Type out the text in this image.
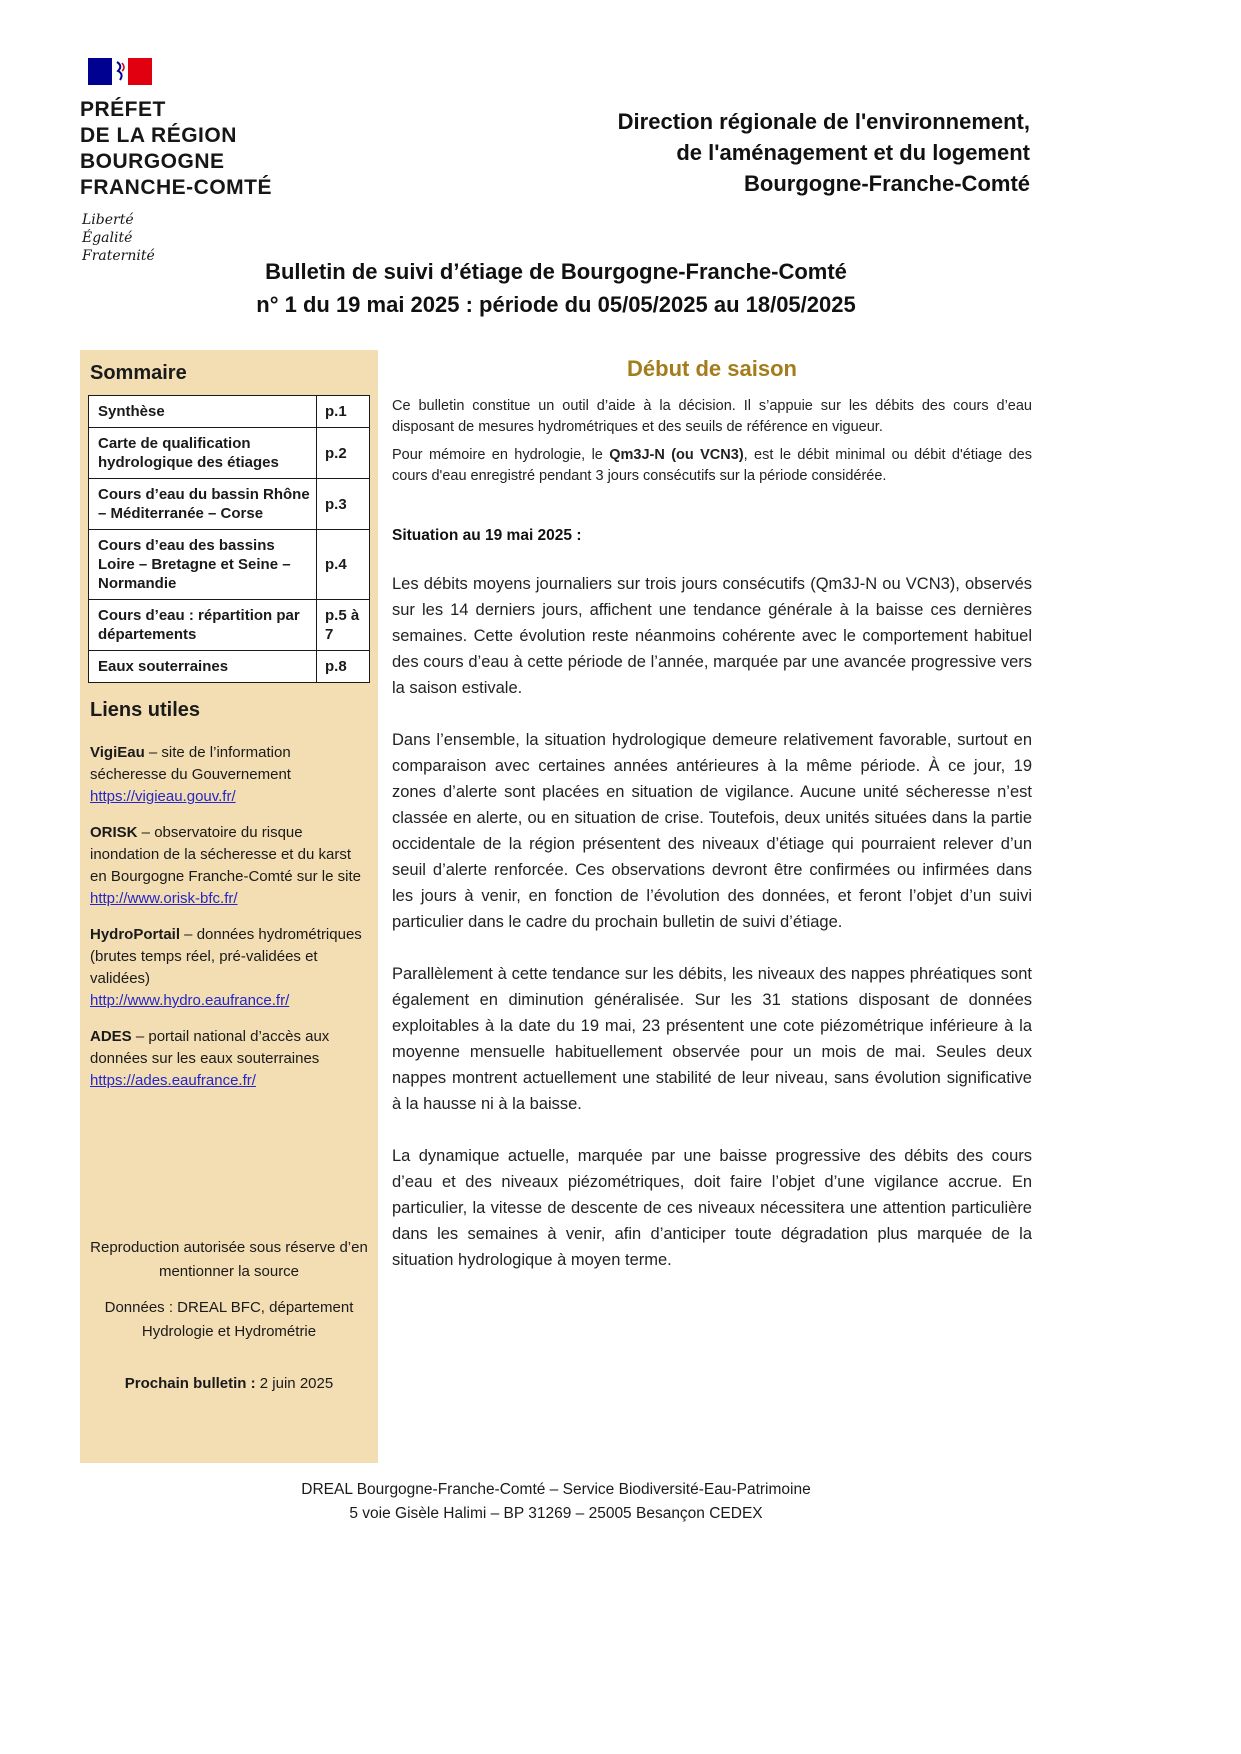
PRÉFET
DE LA RÉGION
BOURGOGNE
FRANCHE-COMTÉ
Liberté
Égalité
Fraternité
Direction régionale de l'environnement,
de l'aménagement et du logement
Bourgogne-Franche-Comté
Bulletin de suivi d’étiage de Bourgogne-Franche-Comté
n° 1 du 19 mai 2025 : période du 05/05/2025 au 18/05/2025
Sommaire
Synthèse	p.1
Carte de qualification hydrologique des étiages	p.2
Cours d’eau du bassin Rhône – Méditerranée – Corse	p.3
Cours d’eau des bassins Loire – Bretagne et Seine – Normandie	p.4
Cours d’eau : répartition par départements	p.5 à 7
Eaux souterraines	p.8
Liens utiles
VigiEau – site de l’information sécheresse du Gouvernement
https://vigieau.gouv.fr/
ORISK – observatoire du risque inondation de la sécheresse et du karst en Bourgogne Franche-Comté sur le site
http://www.orisk-bfc.fr/
HydroPortail – données hydrométriques (brutes temps réel, pré-validées et validées)
http://www.hydro.eaufrance.fr/
ADES – portail national d’accès aux données sur les eaux souterraines
https://ades.eaufrance.fr/
Reproduction autorisée sous réserve d’en mentionner la source
Données : DREAL BFC, département Hydrologie et Hydrométrie
Prochain bulletin : 2 juin 2025
Début de saison

Ce bulletin constitue un outil d’aide à la décision. Il s’appuie sur les débits des cours d’eau disposant de mesures hydrométriques et des seuils de référence en vigueur.

Pour mémoire en hydrologie, le Qm3J-N (ou VCN3), est le débit minimal ou débit d'étiage des cours d'eau enregistré pendant 3 jours consécutifs sur la période considérée.

Situation au 19 mai 2025 :

Les débits moyens journaliers sur trois jours consécutifs (Qm3J-N ou VCN3), observés sur les 14 derniers jours, affichent une tendance générale à la baisse ces dernières semaines. Cette évolution reste néanmoins cohérente avec le comportement habituel des cours d’eau à cette période de l’année, marquée par une avancée progressive vers la saison estivale.

Dans l’ensemble, la situation hydrologique demeure relativement favorable, surtout en comparaison avec certaines années antérieures à la même période. À ce jour, 19 zones d’alerte sont placées en situation de vigilance. Aucune unité sécheresse n’est classée en alerte, ou en situation de crise. Toutefois, deux unités situées dans la partie occidentale de la région présentent des niveaux d’étiage qui pourraient relever d’un seuil d’alerte renforcée. Ces observations devront être confirmées ou infirmées dans les jours à venir, en fonction de l’évolution des données, et feront l’objet d’un suivi particulier dans le cadre du prochain bulletin de suivi d’étiage.

Parallèlement à cette tendance sur les débits, les niveaux des nappes phréatiques sont également en diminution généralisée. Sur les 31 stations disposant de données exploitables à la date du 19 mai, 23 présentent une cote piézométrique inférieure à la moyenne mensuelle habituellement observée pour un mois de mai. Seules deux nappes montrent actuellement une stabilité de leur niveau, sans évolution significative à la hausse ni à la baisse.

La dynamique actuelle, marquée par une baisse progressive des débits des cours d’eau et des niveaux piézométriques, doit faire l’objet d’une vigilance accrue. En particulier, la vitesse de descente de ces niveaux nécessitera une attention particulière dans les semaines à venir, afin d’anticiper toute dégradation plus marquée de la situation hydrologique à moyen terme.

DREAL Bourgogne-Franche-Comté – Service Biodiversité-Eau-Patrimoine
5 voie Gisèle Halimi – BP 31269 – 25005 Besançon CEDEX
